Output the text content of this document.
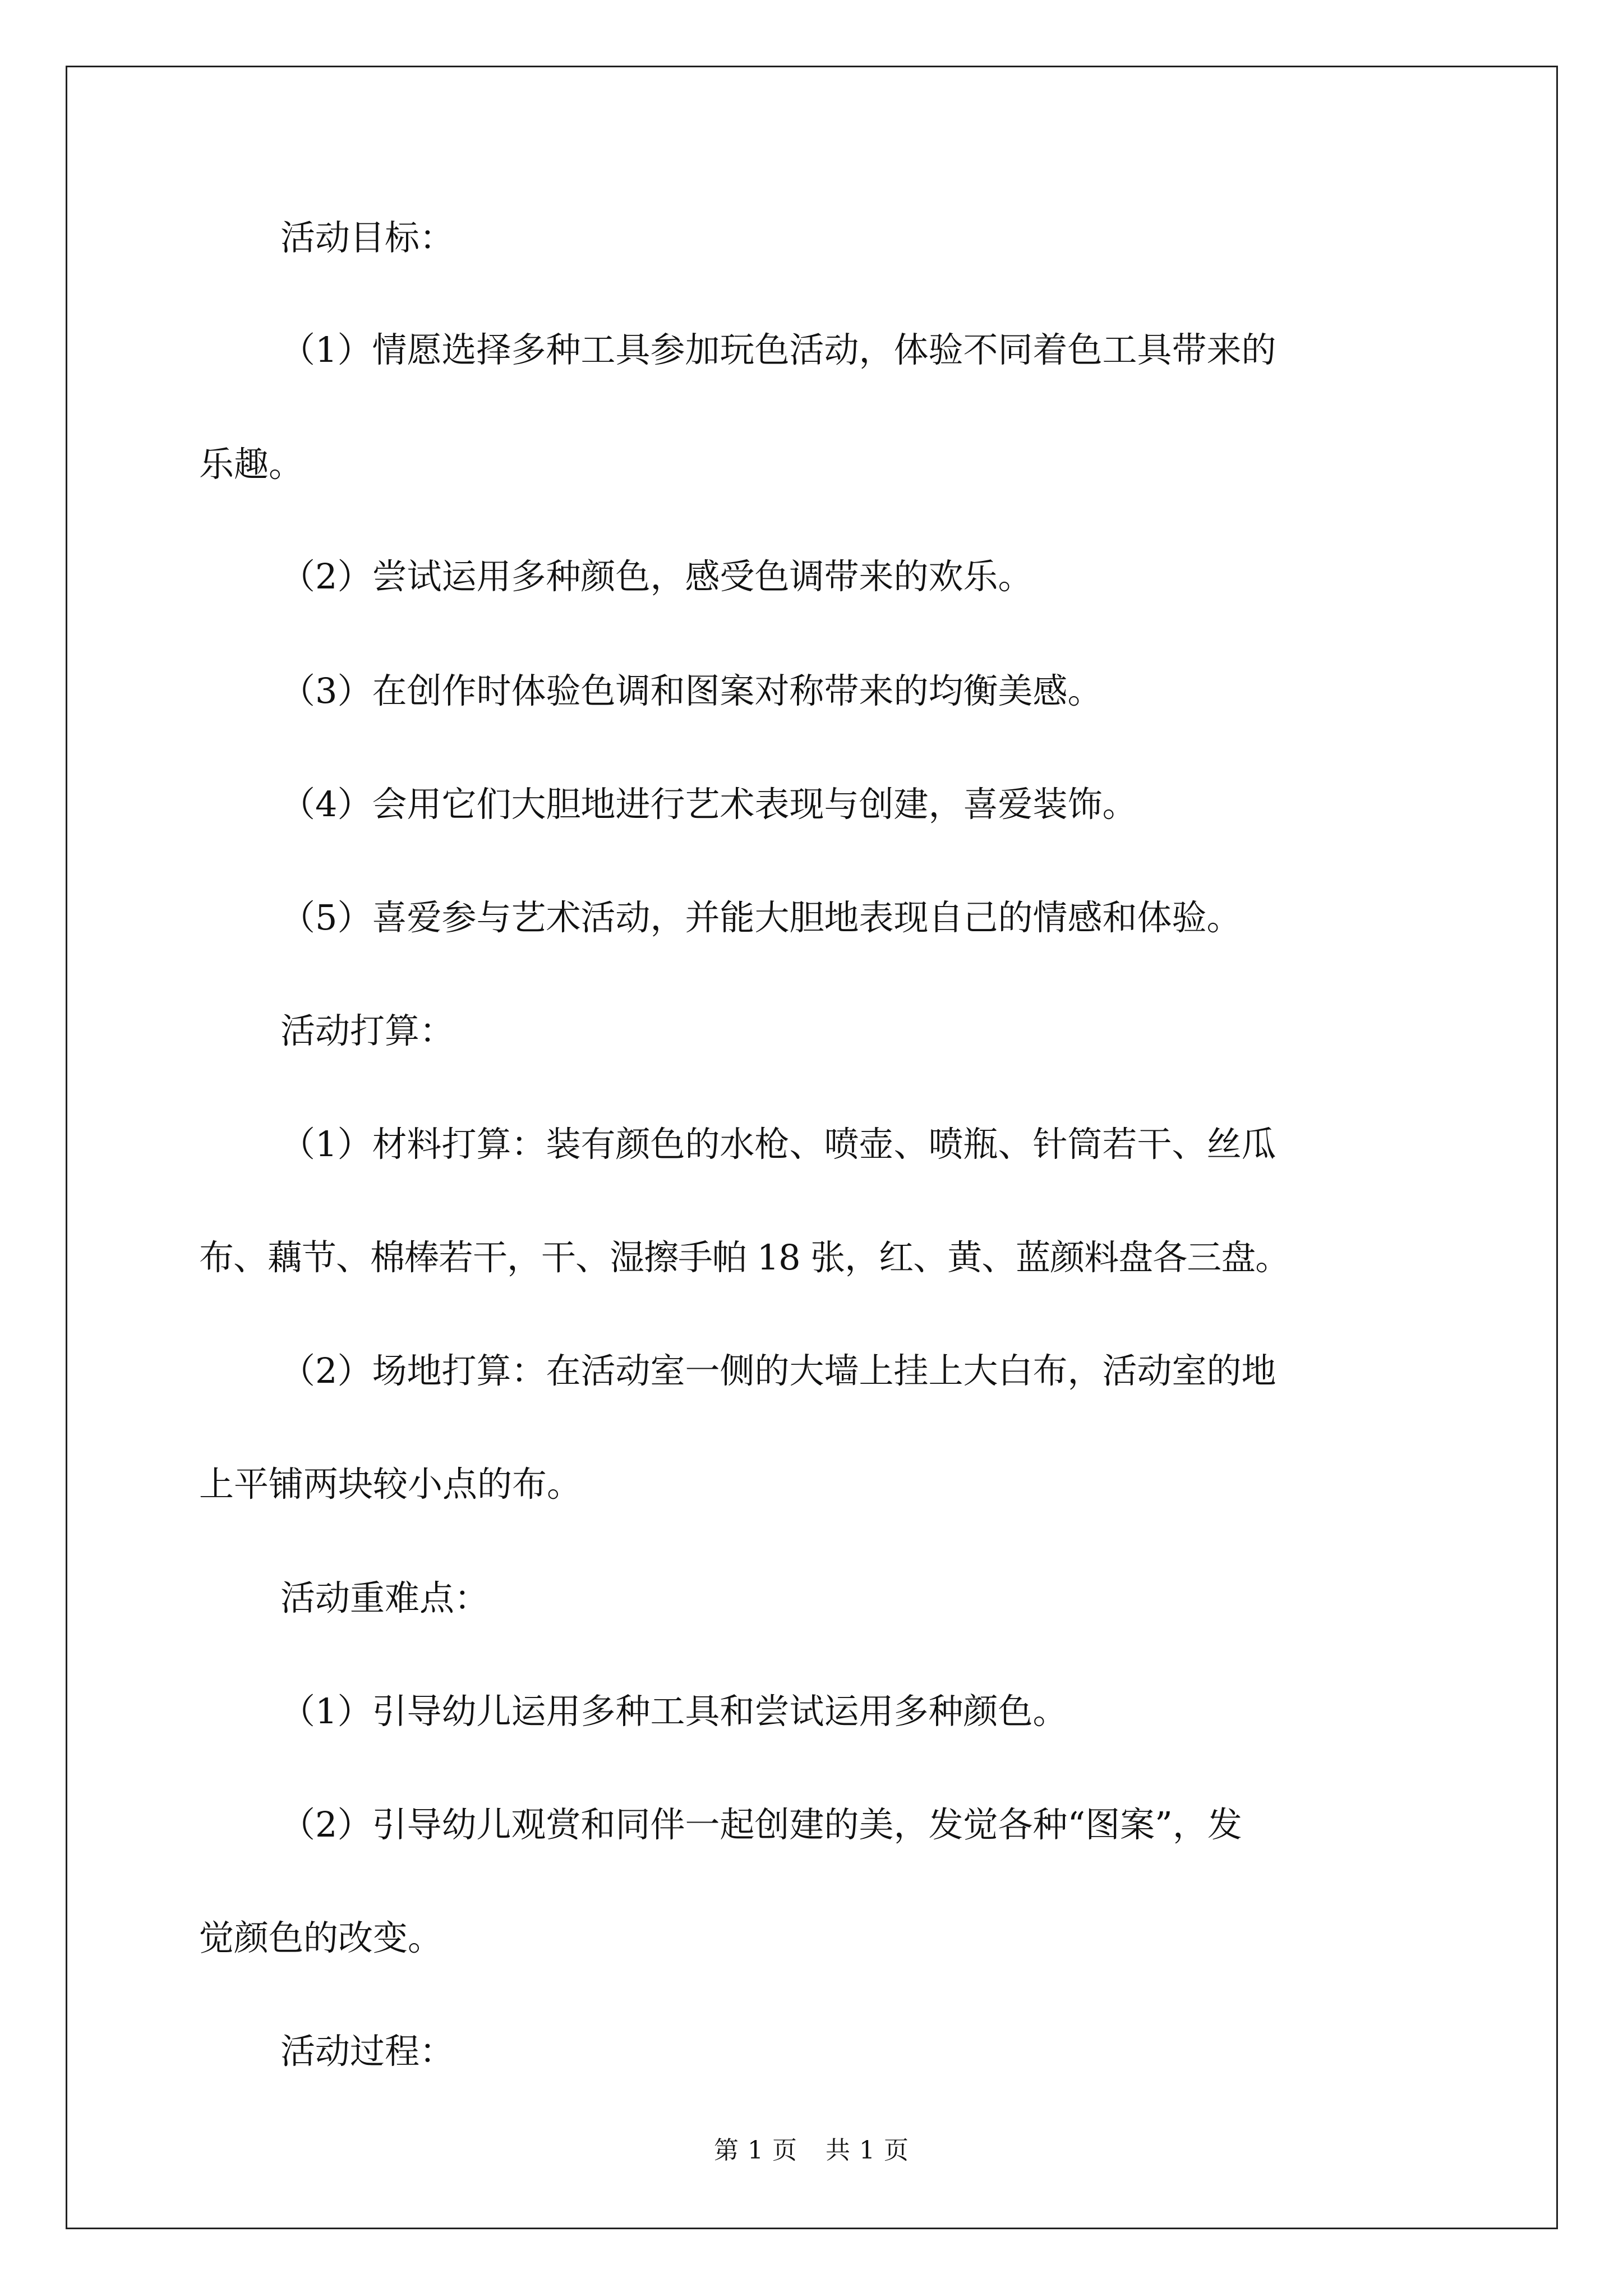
活动目标：

（1）情愿选择多种工具参加玩色活动，体验不同着色工具带来的

乐趣。

（2）尝试运用多种颜色，感受色调带来的欢乐。

（3）在创作时体验色调和图案对称带来的均衡美感。

（4）会用它们大胆地进行艺术表现与创建，喜爱装饰。

（5）喜爱参与艺术活动，并能大胆地表现自己的情感和体验。

活动打算：

（1）材料打算：装有颜色的水枪、喷壶、喷瓶、针筒若干、丝瓜

布、藕节、棉棒若干，干、湿擦手帕 18 张，红、黄、蓝颜料盘各三盘。

（2）场地打算：在活动室一侧的大墙上挂上大白布，活动室的地

上平铺两块较小点的布。

活动重难点：

（1）引导幼儿运用多种工具和尝试运用多种颜色。

（2）引导幼儿观赏和同伴一起创建的美，发觉各种“图案”，发

觉颜色的改变。

活动过程：

第 1 页 共 1 页
